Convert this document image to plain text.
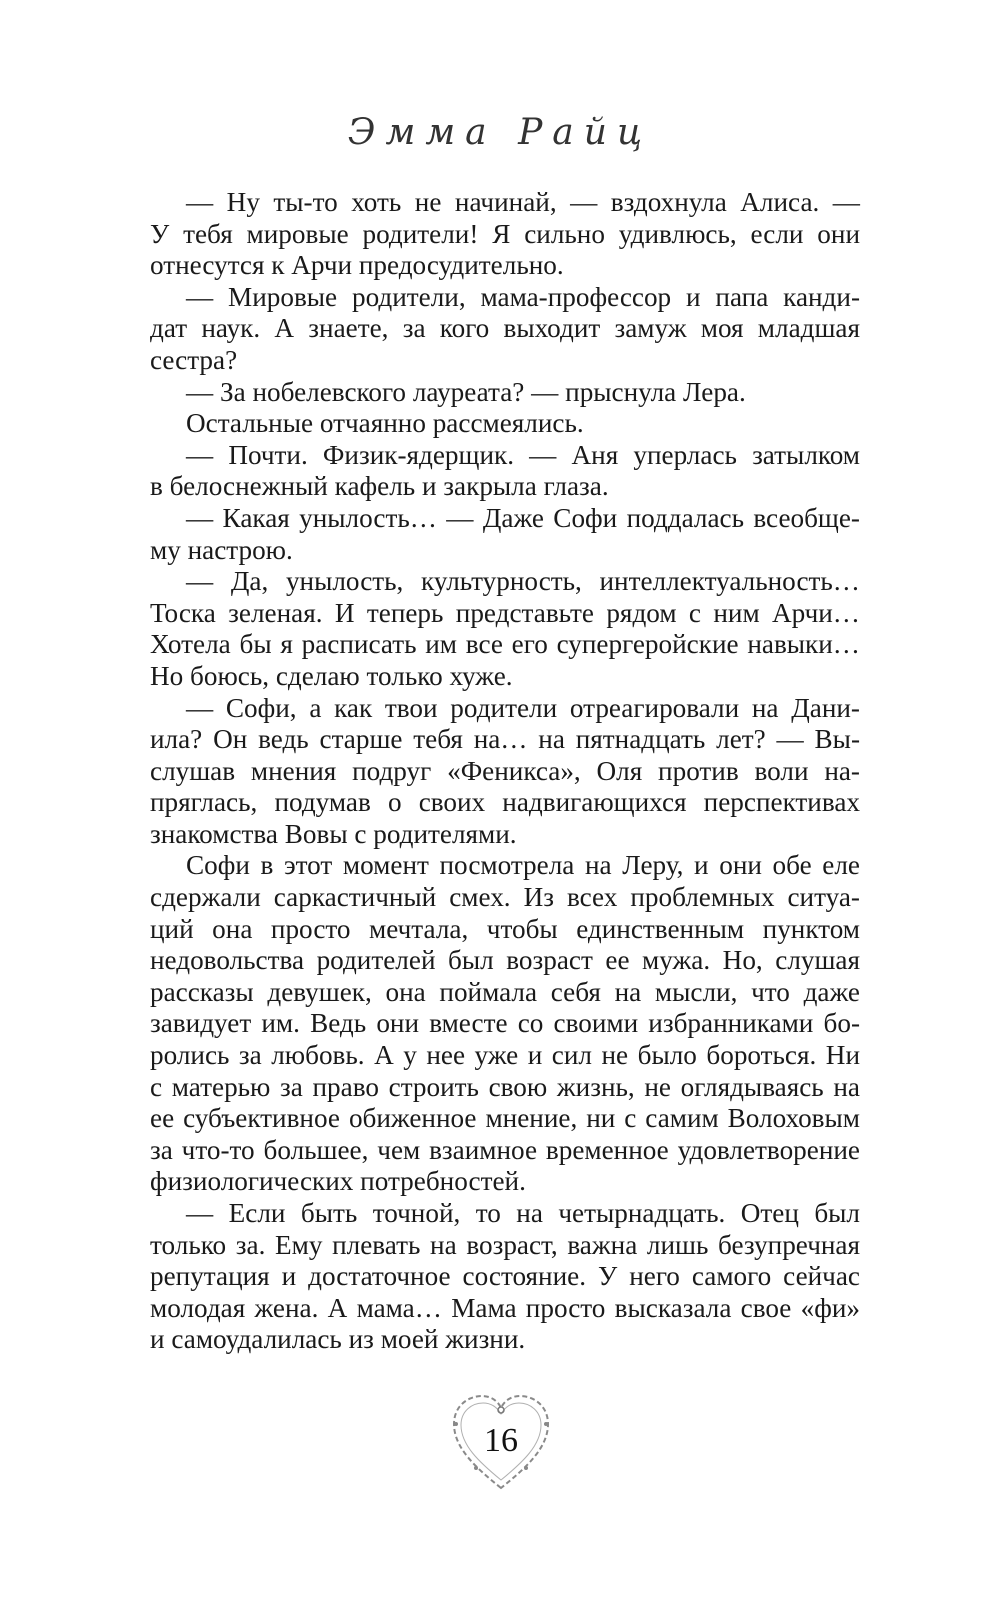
Эмма Райц
— Ну ты-то хоть не начинай, — вздохнула Алиса. —
У тебя мировые родители! Я сильно удивлюсь, если они
отнесутся к Арчи предосудительно.
— Мировые родители, мама-профессор и папа канди-
дат наук. А знаете, за кого выходит замуж моя младшая
сестра?
— За нобелевского лауреата? — прыснула Лера.
Остальные отчаянно рассмеялись.
— Почти. Физик-ядерщик. — Аня уперлась затылком
в белоснежный кафель и закрыла глаза.
— Какая унылость… — Даже Софи поддалась всеобще-
му настрою.
— Да, унылость, культурность, интеллектуальность…
Тоска зеленая. И теперь представьте рядом с ним Арчи…
Хотела бы я расписать им все его супергеройские навыки…
Но боюсь, сделаю только хуже.
— Софи, а как твои родители отреагировали на Дани-
ила? Он ведь старше тебя на… на пятнадцать лет? — Вы-
слушав мнения подруг «Феникса», Оля против воли на-
пряглась, подумав о своих надвигающихся перспективах
знакомства Вовы с родителями.
Софи в этот момент посмотрела на Леру, и они обе еле
сдержали саркастичный смех. Из всех проблемных ситуа-
ций она просто мечтала, чтобы единственным пунктом
недовольства родителей был возраст ее мужа. Но, слушая
рассказы девушек, она поймала себя на мысли, что даже
завидует им. Ведь они вместе со своими избранниками бо-
ролись за любовь. А у нее уже и сил не было бороться. Ни
с матерью за право строить свою жизнь, не оглядываясь на
ее субъективное обиженное мнение, ни с самим Волоховым
за что-то большее, чем взаимное временное удовлетворение
физиологических потребностей.
— Если быть точной, то на четырнадцать. Отец был
только за. Ему плевать на возраст, важна лишь безупречная
репутация и достаточное состояние. У него самого сейчас
молодая жена. А мама… Мама просто высказала свое «фи»
и самоудалилась из моей жизни.
16
